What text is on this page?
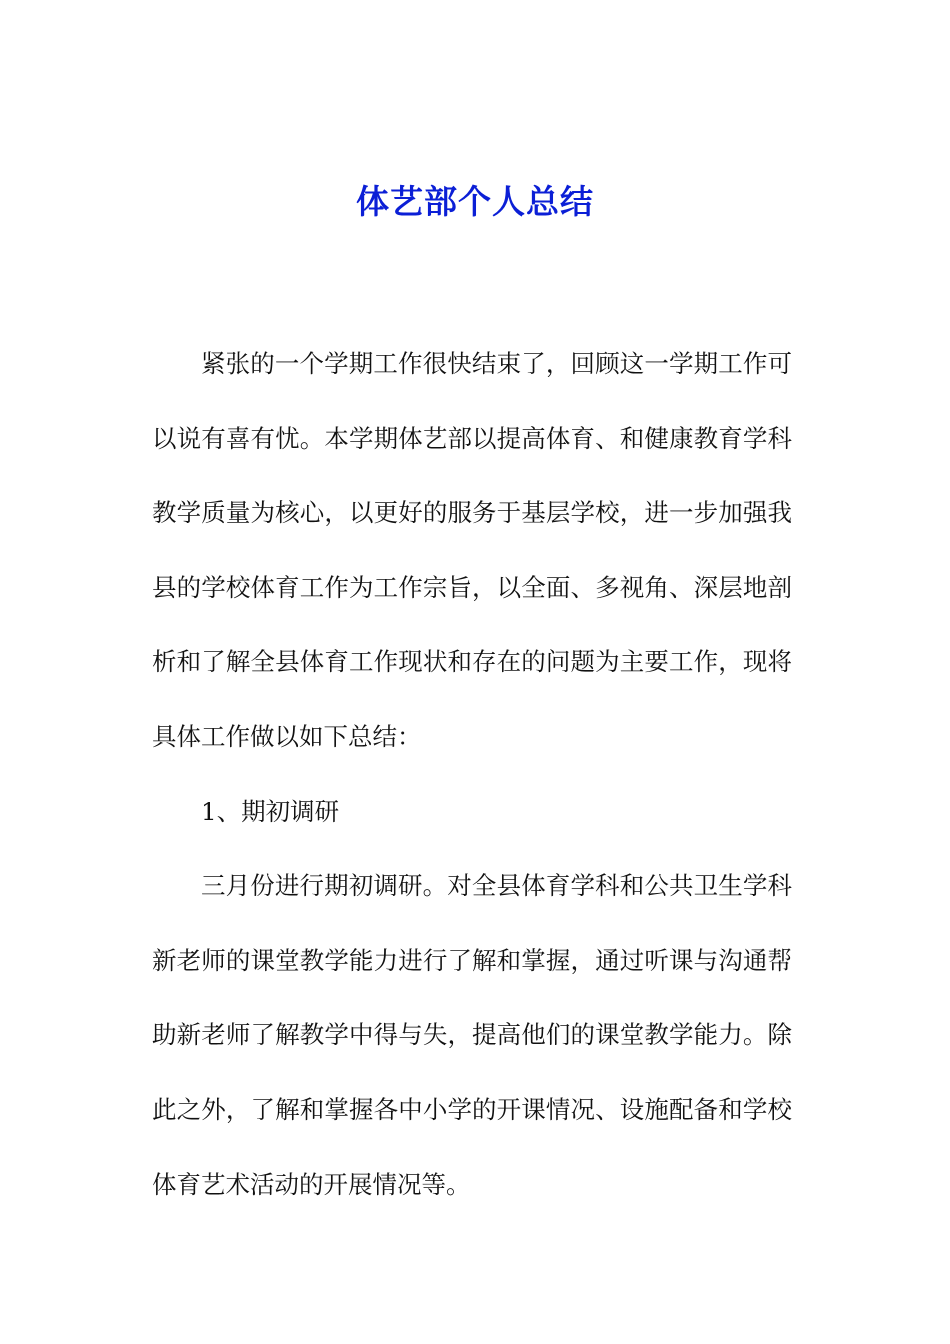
体艺部个人总结

紧张的一个学期工作很快结束了，回顾这一学期工作可以说有喜有忧。本学期体艺部以提高体育、和健康教育学科教学质量为核心，以更好的服务于基层学校，进一步加强我县的学校体育工作为工作宗旨，以全面、多视角、深层地剖析和了解全县体育工作现状和存在的问题为主要工作，现将具体工作做以如下总结：

1、期初调研

三月份进行期初调研。对全县体育学科和公共卫生学科新老师的课堂教学能力进行了解和掌握，通过听课与沟通帮助新老师了解教学中得与失，提高他们的课堂教学能力。除此之外，了解和掌握各中小学的开课情况、设施配备和学校体育艺术活动的开展情况等。
